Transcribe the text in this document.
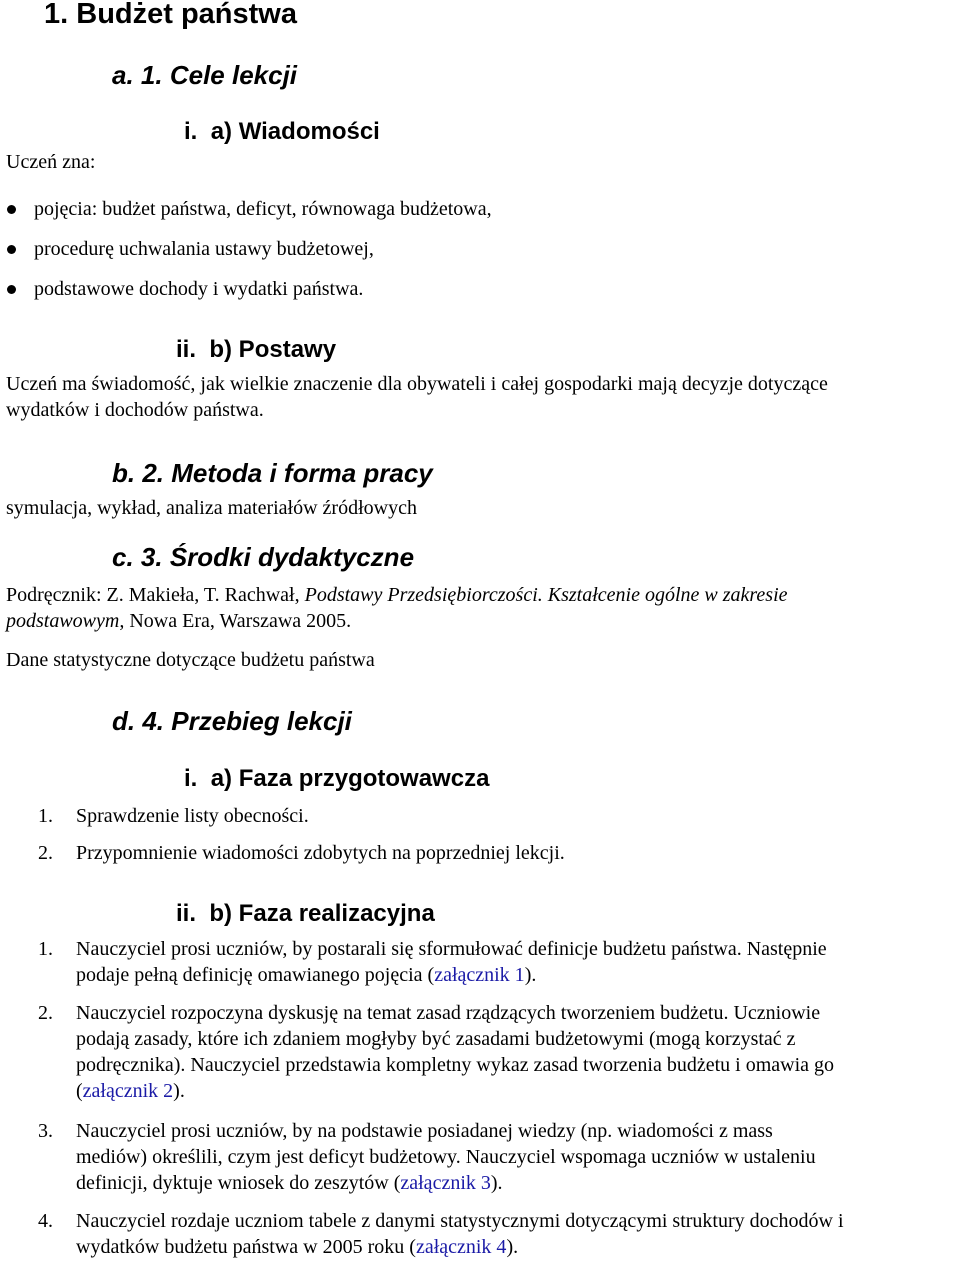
1. Budżet państwa
a. 1. Cele lekcji
i. a) Wiadomości
Uczeń zna:
pojęcia: budżet państwa, deficyt, równowaga budżetowa,
procedurę uchwalania ustawy budżetowej,
podstawowe dochody i wydatki państwa.
ii. b) Postawy
Uczeń ma świadomość, jak wielkie znaczenie dla obywateli i całej gospodarki mają decyzje dotyczące
wydatków i dochodów państwa.
b. 2. Metoda i forma pracy
symulacja, wykład, analiza materiałów źródłowych
c. 3. Środki dydaktyczne
Podręcznik: Z. Makieła, T. Rachwał, Podstawy Przedsiębiorczości. Kształcenie ogólne w zakresie
podstawowym, Nowa Era, Warszawa 2005.
Dane statystyczne dotyczące budżetu państwa
d. 4. Przebieg lekcji
i. a) Faza przygotowawcza
1. Sprawdzenie listy obecności.
2. Przypomnienie wiadomości zdobytych na poprzedniej lekcji.
ii. b) Faza realizacyjna
1. Nauczyciel prosi uczniów, by postarali się sformułować definicje budżetu państwa. Następnie
podaje pełną definicję omawianego pojęcia (załącznik 1).
2. Nauczyciel rozpoczyna dyskusję na temat zasad rządzących tworzeniem budżetu. Uczniowie
podają zasady, które ich zdaniem mogłyby być zasadami budżetowymi (mogą korzystać z
podręcznika). Nauczyciel przedstawia kompletny wykaz zasad tworzenia budżetu i omawia go
(załącznik 2).
3. Nauczyciel prosi uczniów, by na podstawie posiadanej wiedzy (np. wiadomości z mass
mediów) określili, czym jest deficyt budżetowy. Nauczyciel wspomaga uczniów w ustaleniu
definicji, dyktuje wniosek do zeszytów (załącznik 3).
4. Nauczyciel rozdaje uczniom tabele z danymi statystycznymi dotyczącymi struktury dochodów i
wydatków budżetu państwa w 2005 roku (załącznik 4).
